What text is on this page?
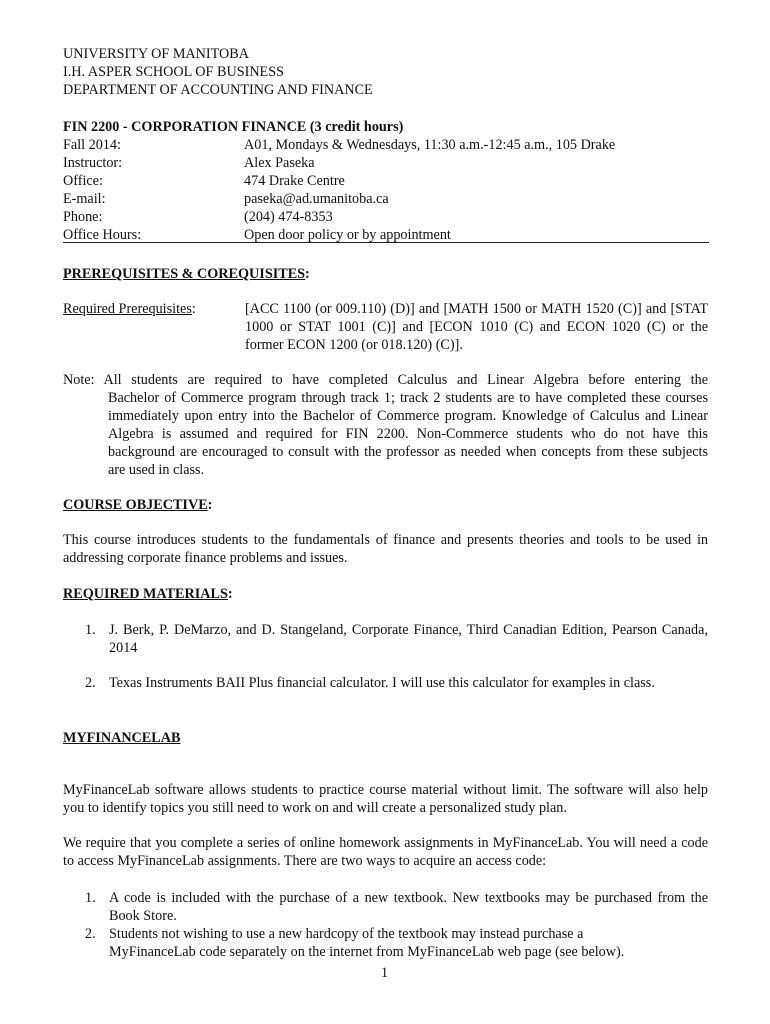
UNIVERSITY OF MANITOBA
I.H. ASPER SCHOOL OF BUSINESS
DEPARTMENT OF ACCOUNTING AND FINANCE
FIN 2200 - CORPORATION FINANCE (3 credit hours)
Fall 2014:	A01, Mondays & Wednesdays, 11:30 a.m.-12:45 a.m., 105 Drake
Instructor:	Alex Paseka
Office:	474 Drake Centre
E-mail:	paseka@ad.umanitoba.ca
Phone:	(204) 474-8353
Office Hours:	Open door policy or by appointment
PREREQUISITES & COREQUISITES:
Required Prerequisites:	[ACC 1100 (or 009.110) (D)] and [MATH 1500 or MATH 1520 (C)] and [STAT 1000 or STAT 1001 (C)] and [ECON 1010 (C) and ECON 1020 (C) or the former ECON 1200 (or 018.120) (C)].
Note: All students are required to have completed Calculus and Linear Algebra before entering the
Bachelor of Commerce program through track 1; track 2 students are to have completed these courses immediately upon entry into the Bachelor of Commerce program. Knowledge of Calculus and Linear Algebra is assumed and required for FIN 2200. Non-Commerce students who do not have this background are encouraged to consult with the professor as needed when concepts from these subjects are used in class.
COURSE OBJECTIVE:
This course introduces students to the fundamentals of finance and presents theories and tools to be used in addressing corporate finance problems and issues.
REQUIRED MATERIALS:
1. J. Berk, P. DeMarzo, and D. Stangeland, Corporate Finance, Third Canadian Edition, Pearson Canada, 2014
2. Texas Instruments BAII Plus financial calculator. I will use this calculator for examples in class.
MYFINANCELAB
MyFinanceLab software allows students to practice course material without limit. The software will also help you to identify topics you still need to work on and will create a personalized study plan.
We require that you complete a series of online homework assignments in MyFinanceLab. You will need a code to access MyFinanceLab assignments. There are two ways to acquire an access code:
1. A code is included with the purchase of a new textbook. New textbooks may be purchased from the Book Store.
2. Students not wishing to use a new hardcopy of the textbook may instead purchase a MyFinanceLab code separately on the internet from MyFinanceLab web page (see below).
1
